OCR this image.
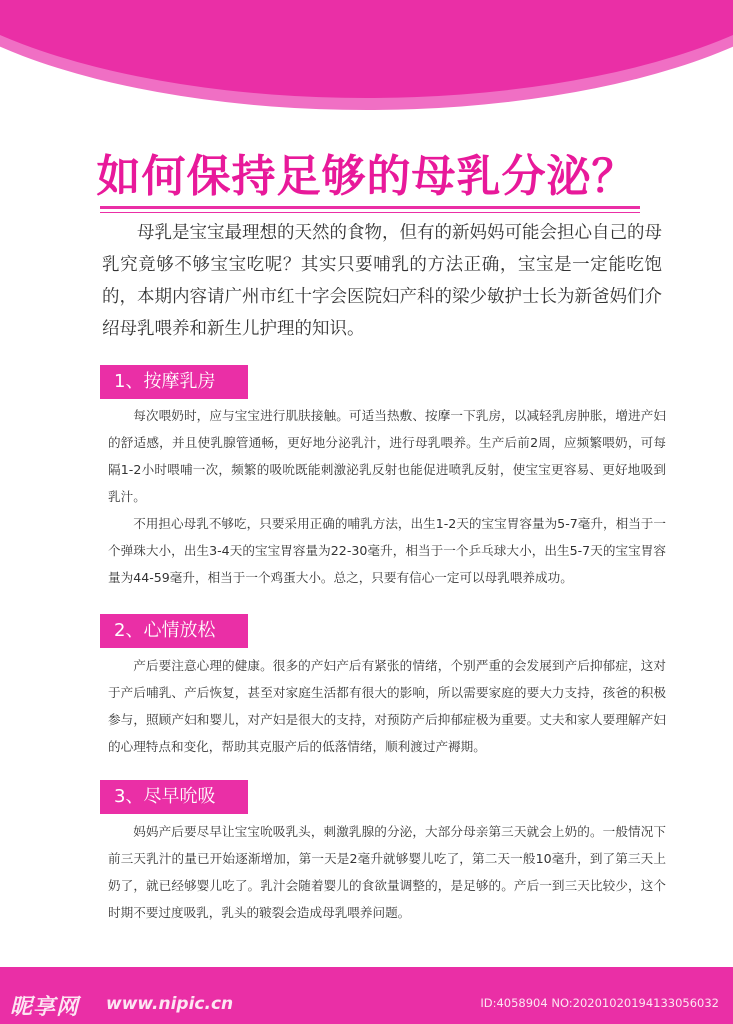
如何保持足够的母乳分泌？

母乳是宝宝最理想的天然的食物，但有的新妈妈可能会担心自己的母乳究竟够不够宝宝吃呢？其实只要哺乳的方法正确，宝宝是一定能吃饱的，本期内容请广州市红十字会医院妇产科的梁少敏护士长为新爸妈们介绍母乳喂养和新生儿护理的知识。

1、按摩乳房

每次喂奶时，应与宝宝进行肌肤接触。可适当热敷、按摩一下乳房，以减轻乳房肿胀，增进产妇的舒适感，并且使乳腺管通畅，更好地分泌乳汁，进行母乳喂养。生产后前2周，应频繁喂奶，可每隔1-2小时喂哺一次，频繁的吸吮既能刺激泌乳反射也能促进喷乳反射，使宝宝更容易、更好地吸到乳汁。

不用担心母乳不够吃，只要采用正确的哺乳方法，出生1-2天的宝宝胃容量为5-7毫升，相当于一个弹珠大小，出生3-4天的宝宝胃容量为22-30毫升，相当于一个乒乓球大小，出生5-7天的宝宝胃容量为44-59毫升，相当于一个鸡蛋大小。总之，只要有信心一定可以母乳喂养成功。

2、心情放松

产后要注意心理的健康。很多的产妇产后有紧张的情绪，个别严重的会发展到产后抑郁症，这对于产后哺乳、产后恢复，甚至对家庭生活都有很大的影响，所以需要家庭的要大力支持，孩爸的积极参与，照顾产妇和婴儿，对产妇是很大的支持，对预防产后抑郁症极为重要。丈夫和家人要理解产妇的心理特点和变化，帮助其克服产后的低落情绪，顺利渡过产褥期。

3、尽早吮吸

妈妈产后要尽早让宝宝吮吸乳头，刺激乳腺的分泌，大部分母亲第三天就会上奶的。一般情况下前三天乳汁的量已开始逐渐增加，第一天是2毫升就够婴儿吃了，第二天一般10毫升，到了第三天上奶了，就已经够婴儿吃了。乳汁会随着婴儿的食欲量调整的，是足够的。产后一到三天比较少，这个时期不要过度吸乳，乳头的皲裂会造成母乳喂养问题。

昵享网 www.nipic.cn	ID:4058904 NO:20201020194133056032
